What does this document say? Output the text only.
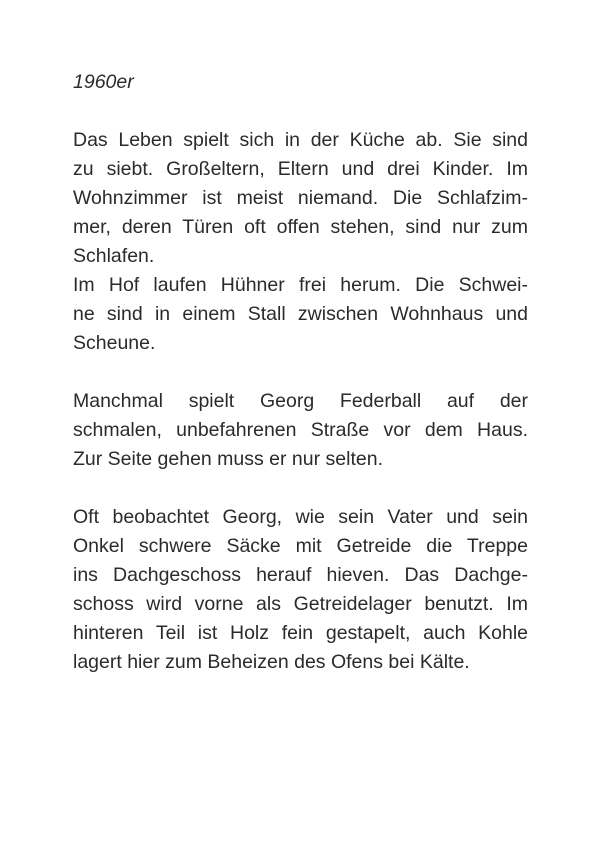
1960er

Das Leben spielt sich in der Küche ab. Sie sind
zu siebt. Großeltern, Eltern und drei Kinder. Im
Wohnzimmer ist meist niemand. Die Schlafzim-
mer, deren Türen oft offen stehen, sind nur zum
Schlafen.
Im Hof laufen Hühner frei herum. Die Schwei-
ne sind in einem Stall zwischen Wohnhaus und
Scheune.

Manchmal spielt Georg Federball auf der
schmalen, unbefahrenen Straße vor dem Haus.
Zur Seite gehen muss er nur selten.

Oft beobachtet Georg, wie sein Vater und sein
Onkel schwere Säcke mit Getreide die Treppe
ins Dachgeschoss herauf hieven. Das Dachge-
schoss wird vorne als Getreidelager benutzt. Im
hinteren Teil ist Holz fein gestapelt, auch Kohle
lagert hier zum Beheizen des Ofens bei Kälte.
